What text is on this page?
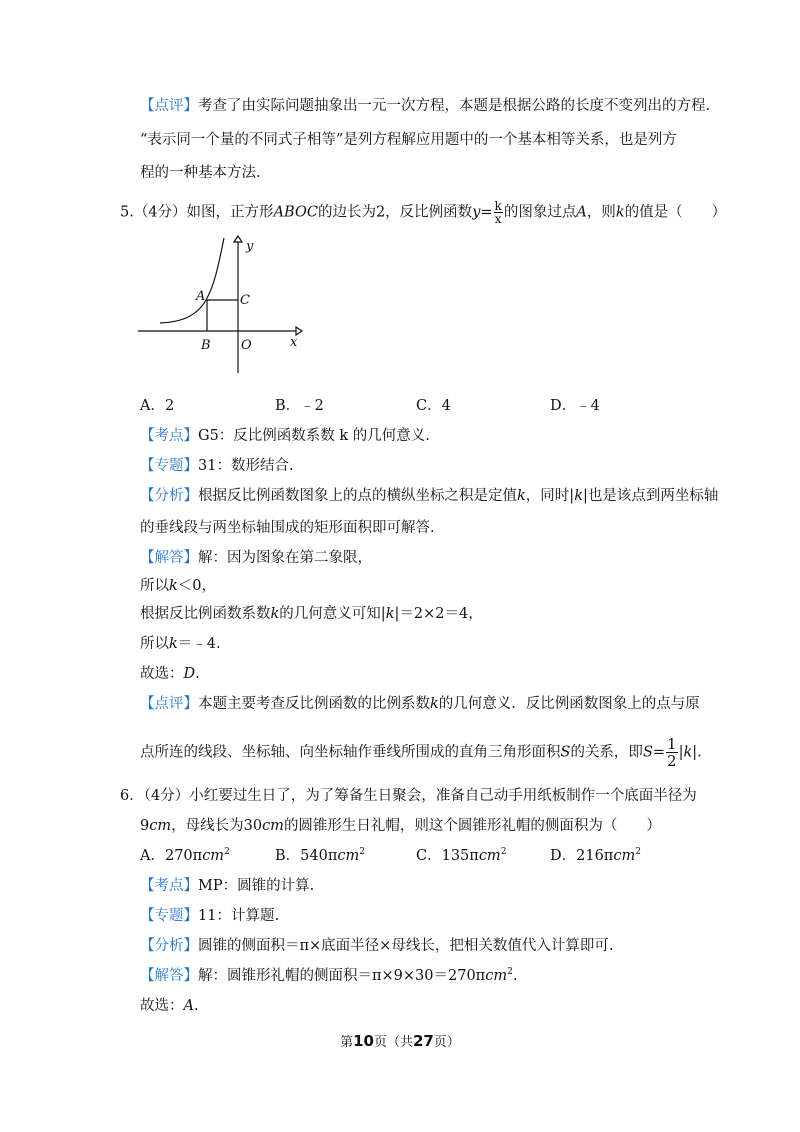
【点评】考查了由实际问题抽象出一元一次方程，本题是根据公路的长度不变列出的方程.
“表示同一个量的不同式子相等”是列方程解应用题中的一个基本相等关系，也是列方
程的一种基本方法.
5.（4分）如图，正方形ABOC的边长为2，反比例函数$y= \frac{k}{x}$ 的图象过点A，则k的值是（　　）
y
x
A	C
B O
A．2	B．﹣2	C．4	D．﹣4
【考点】G5：反比例函数系数 k 的几何意义.
【专题】31：数形结合.
【分析】根据反比例函数图象上的点的横纵坐标之积是定值k，同时|k|也是该点到两坐标轴
的垂线段与两坐标轴围成的矩形面积即可解答.
【解答】解：因为图象在第二象限，
所以k＜0，
根据反比例函数系数k的几何意义可知|k|＝2×2＝4，
所以k＝﹣4.
故选：D.
【点评】本题主要考查反比例函数的比例系数k的几何意义．反比例函数图象上的点与原
点所连的线段、坐标轴、向坐标轴作垂线所围成的直角三角形面积S的关系，即$S= \frac{1}{2} |k|$.
6．（4分）小红要过生日了，为了筹备生日聚会，准备自己动手用纸板制作一个底面半径为
9cm，母线长为30cm的圆锥形生日礼帽，则这个圆锥形礼帽的侧面积为（　　）
A．270πcm$^2$	B．540πcm$^2$	C．135πcm$^2$	D．216πcm$^2$
【考点】MP：圆锥的计算.
【专题】11：计算题.
【分析】圆锥的侧面积＝π×底面半径×母线长，把相关数值代入计算即可.
【解答】解：圆锥形礼帽的侧面积＝π×9×30＝270πcm$^2$.
故选：A.
第10页（共27页）
